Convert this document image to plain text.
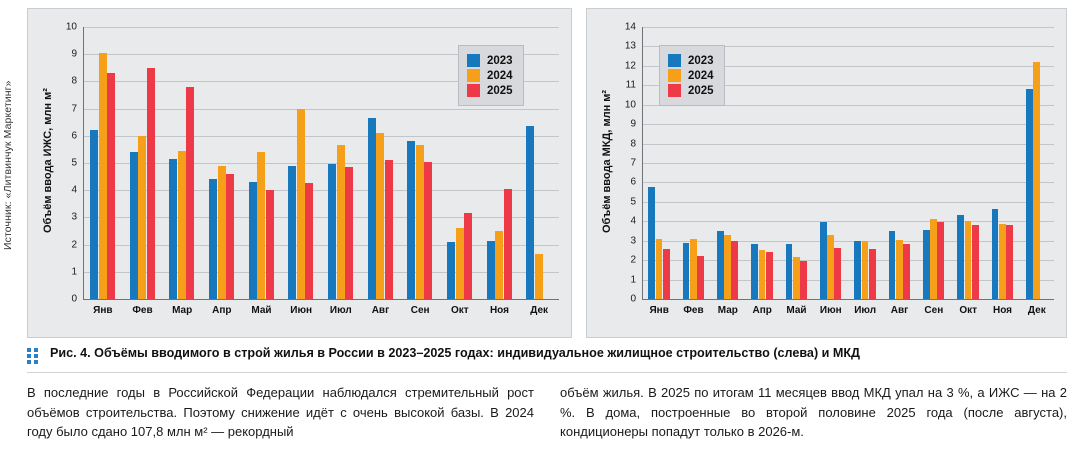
Источник: «Литвинчук Маркетинг»
0
1
2
3
4
5
6
7
8
9
10
Объём ввода ИЖС, млн м²
Янв	Фев	Мар	Апр	Май	Июн	Июл	Авг	Сен	Окт	Ноя	Дек
2023
2024
2025
0
1
2
3
4
5
6
7
8
9
10
11
12
13
14
Объём ввода МКД, млн м²
Янв	Фев	Мар	Апр	Май	Июн	Июл	Авг	Сен	Окт	Ноя	Дек
2023
2024
2025
Рис. 4. Объёмы вводимого в строй жилья в России в 2023–2025 годах: индивидуальное жилищное строительство (слева) и МКД

В последние годы в Российской Федерации наблюдался стремительный рост объёмов строительства. Поэтому снижение идёт с очень высокой базы. В 2024 году было сдано 107,8 млн м² — рекордный

объём жилья. В 2025 по итогам 11 месяцев ввод МКД упал на 3 %, а ИЖС — на 2 %. В дома, построенные во второй половине 2025 года (после августа), кондиционеры попадут только в 2026-м.
